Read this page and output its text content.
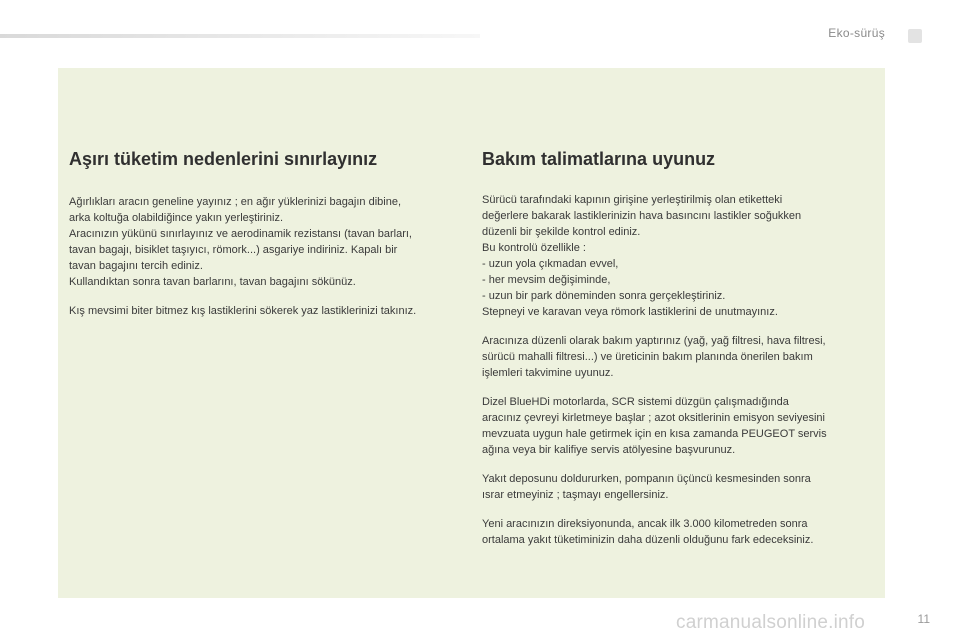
Eko-sürüş
Aşırı tüketim nedenlerini sınırlayınız
Ağırlıkları aracın geneline yayınız ; en ağır yüklerinizi bagajın dibine,
arka koltuğa olabildiğince yakın yerleştiriniz.
Aracınızın yükünü sınırlayınız ve aerodinamik rezistansı (tavan barları,
tavan bagajı, bisiklet taşıyıcı, römork...) asgariye indiriniz. Kapalı bir
tavan bagajını tercih ediniz.
Kullandıktan sonra tavan barlarını, tavan bagajını sökünüz.
Kış mevsimi biter bitmez kış lastiklerini sökerek yaz lastiklerinizi takınız.
Bakım talimatlarına uyunuz
Sürücü tarafındaki kapının girişine yerleştirilmiş olan etiketteki
değerlere bakarak lastiklerinizin hava basıncını lastikler soğukken
düzenli bir şekilde kontrol ediniz.
Bu kontrolü özellikle :
- uzun yola çıkmadan evvel,
- her mevsim değişiminde,
- uzun bir park döneminden sonra gerçekleştiriniz.
Stepneyi ve karavan veya römork lastiklerini de unutmayınız.
Aracınıza düzenli olarak bakım yaptırınız (yağ, yağ filtresi, hava filtresi,
sürücü mahalli filtresi...) ve üreticinin bakım planında önerilen bakım
işlemleri takvimine uyunuz.
Dizel BlueHDi motorlarda, SCR sistemi düzgün çalışmadığında
aracınız çevreyi kirletmeye başlar ; azot oksitlerinin emisyon seviyesini
mevzuata uygun hale getirmek için en kısa zamanda PEUGEOT servis
ağına veya bir kalifiye servis atölyesine başvurunuz.
Yakıt deposunu doldururken, pompanın üçüncü kesmesinden sonra
ısrar etmeyiniz ; taşmayı engellersiniz.
Yeni aracınızın direksiyonunda, ancak ilk 3.000 kilometreden sonra
ortalama yakıt tüketiminizin daha düzenli olduğunu fark edeceksiniz.
11
carmanualsonline.info
